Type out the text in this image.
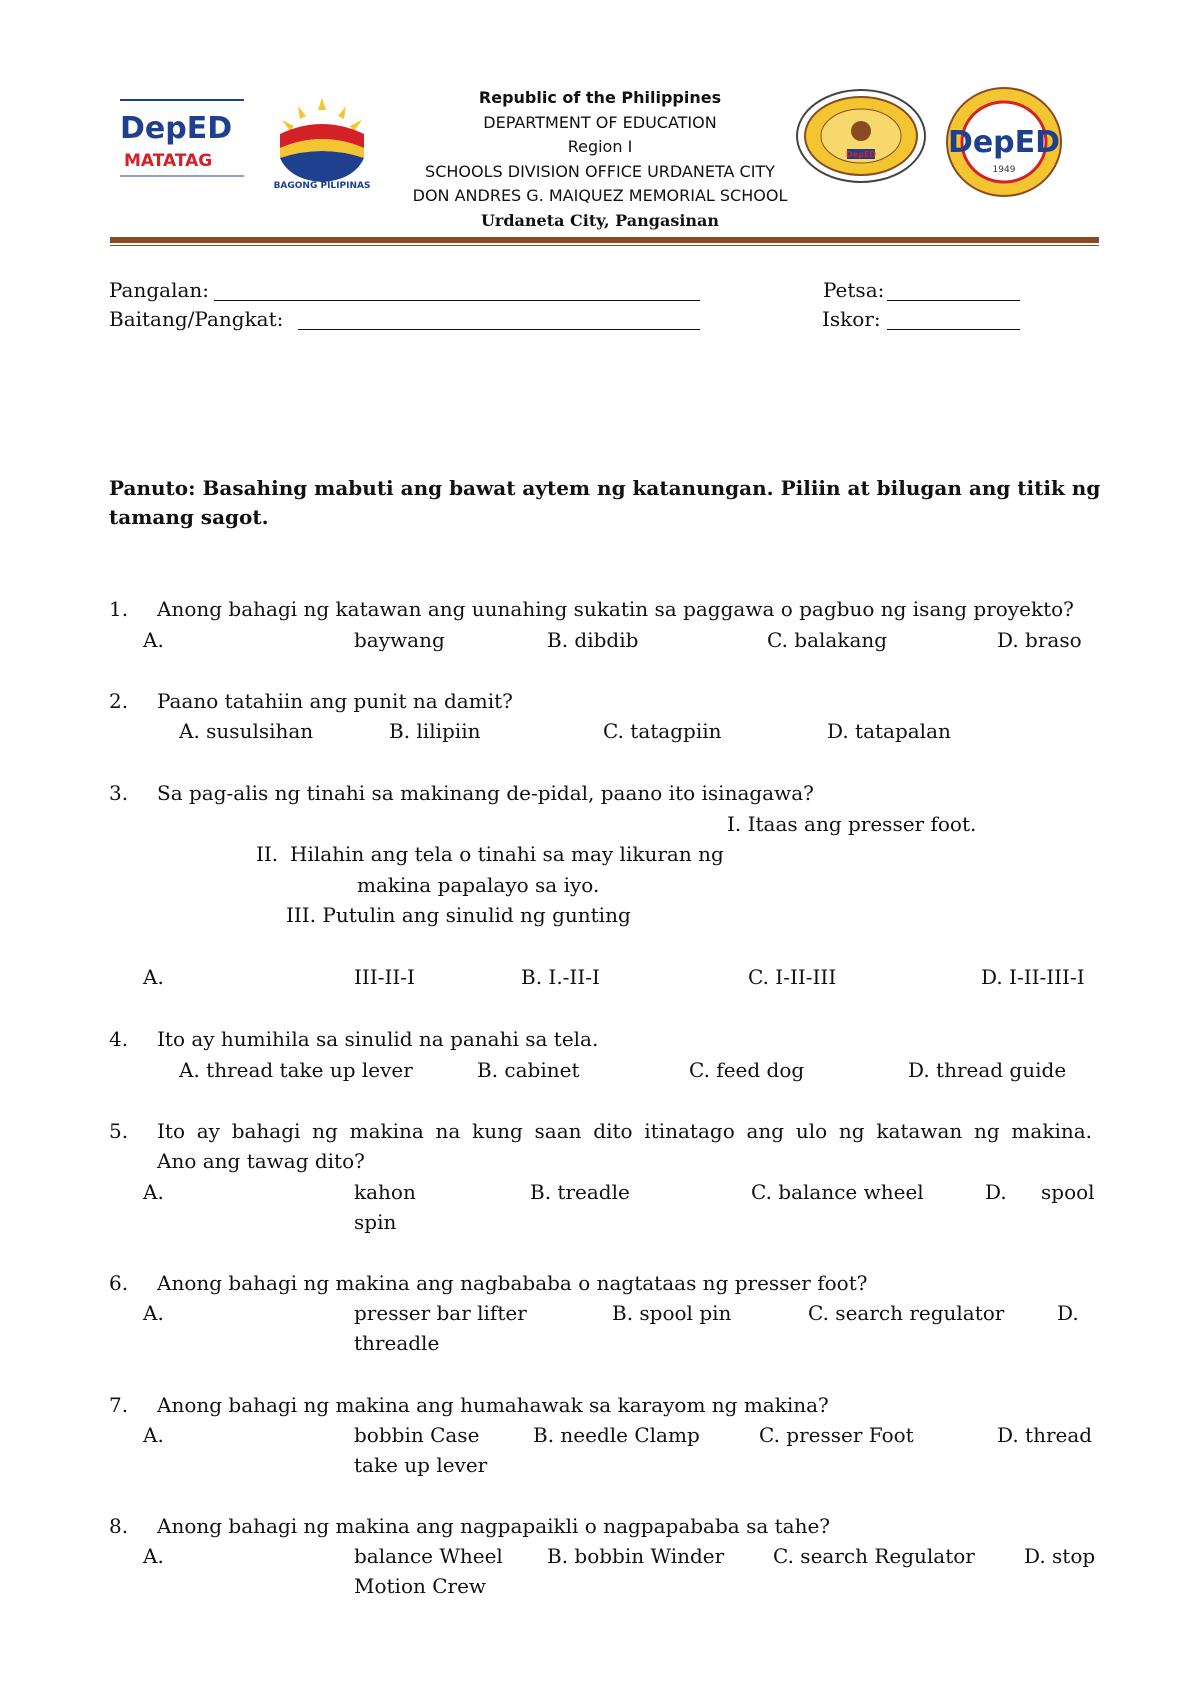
DepED
MATATAG
BAGONG PILIPINAS
DepED DepED
1949
Republic of the Philippines
DEPARTMENT OF EDUCATION
Region I
SCHOOLS DIVISION OFFICE URDANETA CITY
DON ANDRES G. MAIQUEZ MEMORIAL SCHOOL
Urdaneta City, Pangasinan
Pangalan:	Petsa:
Baitang/Pangkat:	Iskor:
Panuto: Basahing mabuti ang bawat aytem ng katanungan. Piliin at bilugan ang titik ng
tamang sagot.
1. Anong bahagi ng katawan ang uunahing sukatin sa paggawa o pagbuo ng isang proyekto?
A.	baywang	B. dibdib	C. balakang	D. braso
2. Paano tatahiin ang punit na damit?
A. susulsihan	B. lilipiin	C. tatagpiin	D. tatapalan
3. Sa pag-alis ng tinahi sa makinang de-pidal, paano ito isinagawa?
I. Itaas ang presser foot.
II. Hilahin ang tela o tinahi sa may likuran ng
makina papalayo sa iyo.
III. Putulin ang sinulid ng gunting
A.	III-II-I	B. I.-II-I	C. I-II-III	D. I-II-III-I
4. Ito ay humihila sa sinulid na panahi sa tela.
A. thread take up lever	B. cabinet	C. feed dog	D. thread guide
5. Ito ay bahagi ng makina na kung saan dito itinatago ang ulo ng katawan ng makina.
Ano ang tawag dito?
A.	kahon	B. treadle	C. balance wheel	D. spool
spin
6. Anong bahagi ng makina ang nagbababa o nagtataas ng presser foot?
A.	presser bar lifter	B. spool pin	C. search regulator	D.
threadle
7. Anong bahagi ng makina ang humahawak sa karayom ng makina?
A.	bobbin Case	B. needle Clamp	C. presser Foot	D. thread
take up lever
8. Anong bahagi ng makina ang nagpapaikli o nagpapababa sa tahe?
A.	balance Wheel B. bobbin Winder C. search Regulator D. stop
Motion Crew
